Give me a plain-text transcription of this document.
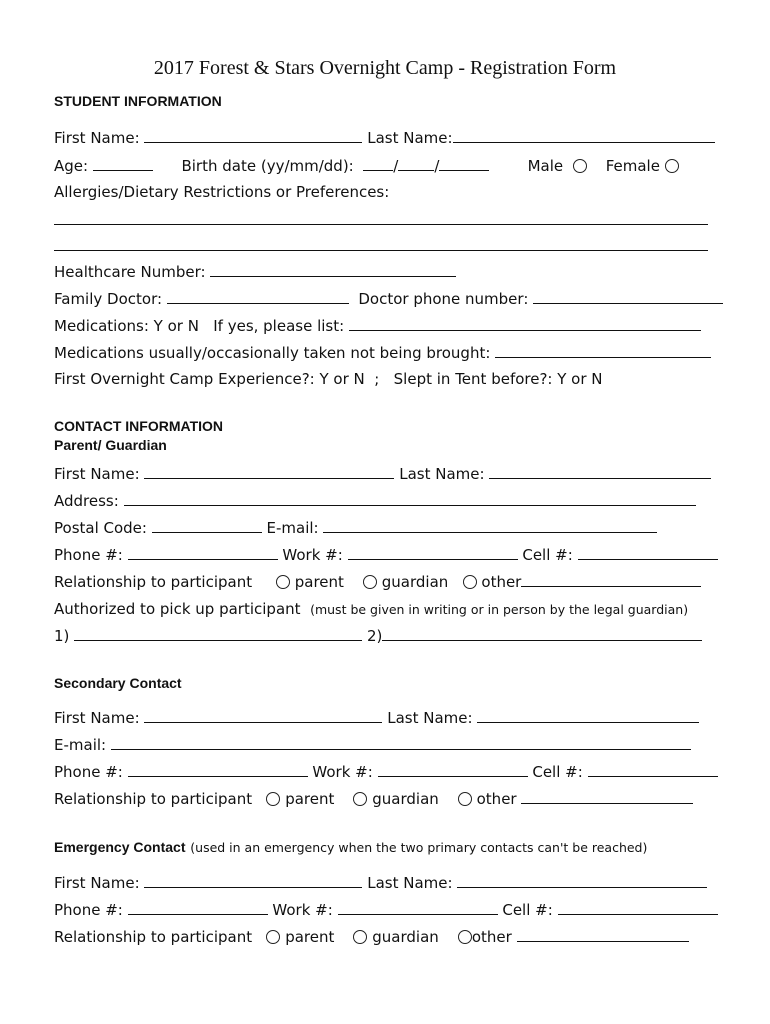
2017 Forest & Stars Overnight Camp - Registration Form
STUDENT INFORMATION
First Name:	Last Name:
Age:	Birth date (yy/mm/dd):	/ /	Male	Female
Allergies/Dietary Restrictions or Preferences:
Healthcare Number:
Family Doctor:	Doctor phone number:
Medications: Y or N   If yes, please list:
Medications usually/occasionally taken not being brought:
First Overnight Camp Experience?: Y or N  ;   Slept in Tent before?: Y or N
CONTACT INFORMATION
Parent/ Guardian
First Name:	Last Name:
Address:
Postal Code:	E-mail:
Phone #:	Work #:	Cell #:
Relationship to participant	parent	guardian other
Authorized to pick up participant (must be given in writing or in person by the legal guardian)
1)	2)
Secondary Contact
First Name:	Last Name:
E-mail:
Phone #:	Work #:	Cell #:
Relationship to participant parent	guardian	other
Emergency Contact (used in an emergency when the two primary contacts can't be reached)
First Name:	Last Name:
Phone #:	Work #:	Cell #:
Relationship to participant parent	guardian other
